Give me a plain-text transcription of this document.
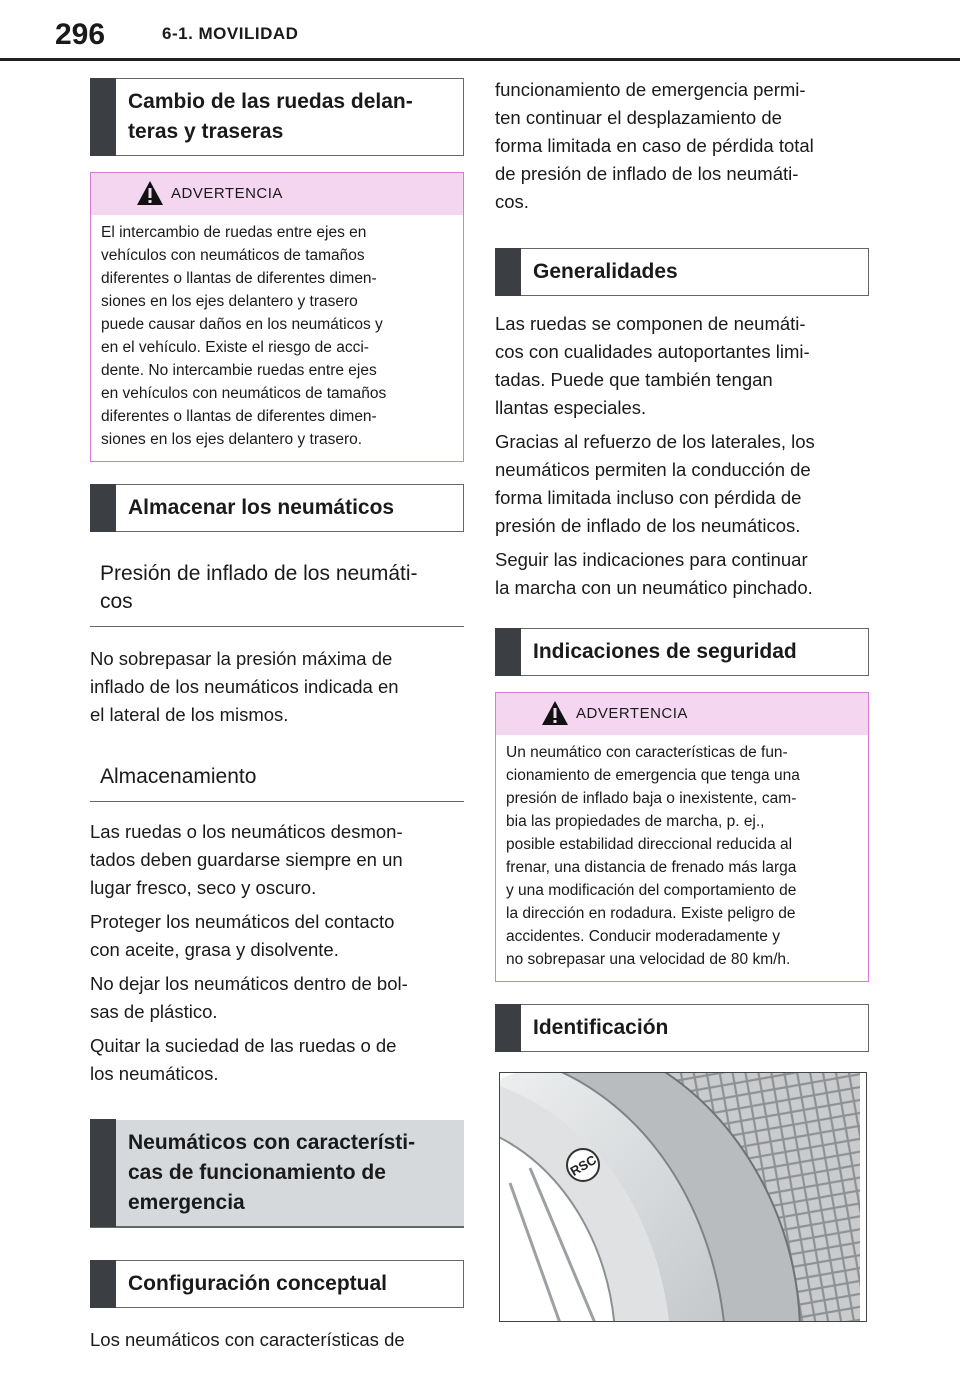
296	6-1. MOVILIDAD
Cambio de las ruedas delan-
teras y traseras
ADVERTENCIA
El intercambio de ruedas entre ejes en
vehículos con neumáticos de tamaños
diferentes o llantas de diferentes dimen-
siones en los ejes delantero y trasero
puede causar daños en los neumáticos y
en el vehículo. Existe el riesgo de acci-
dente. No intercambie ruedas entre ejes
en vehículos con neumáticos de tamaños
diferentes o llantas de diferentes dimen-
siones en los ejes delantero y trasero.
Almacenar los neumáticos
Presión de inflado de los neumáti-
cos

No sobrepasar la presión máxima de
inflado de los neumáticos indicada en
el lateral de los mismos.

Almacenamiento

Las ruedas o los neumáticos desmon-
tados deben guardarse siempre en un
lugar fresco, seco y oscuro.

Proteger los neumáticos del contacto
con aceite, grasa y disolvente.

No dejar los neumáticos dentro de bol-
sas de plástico.

Quitar la suciedad de las ruedas o de
los neumáticos.

Neumáticos con característi-
cas de funcionamiento de
emergencia
Configuración conceptual

Los neumáticos con características de

funcionamiento de emergencia permi-
ten continuar el desplazamiento de
forma limitada en caso de pérdida total
de presión de inflado de los neumáti-
cos.

Generalidades

Las ruedas se componen de neumáti-
cos con cualidades autoportantes limi-
tadas. Puede que también tengan
llantas especiales.

Gracias al refuerzo de los laterales, los
neumáticos permiten la conducción de
forma limitada incluso con pérdida de
presión de inflado de los neumáticos.

Seguir las indicaciones para continuar
la marcha con un neumático pinchado.

Indicaciones de seguridad
ADVERTENCIA
Un neumático con características de fun-
cionamiento de emergencia que tenga una
presión de inflado baja o inexistente, cam-
bia las propiedades de marcha, p. ej.,
posible estabilidad direccional reducida al
frenar, una distancia de frenado más larga
y una modificación del comportamiento de
la dirección en rodadura. Existe peligro de
accidentes. Conducir moderadamente y
no sobrepasar una velocidad de 80 km/h.
Identificación
RSC
